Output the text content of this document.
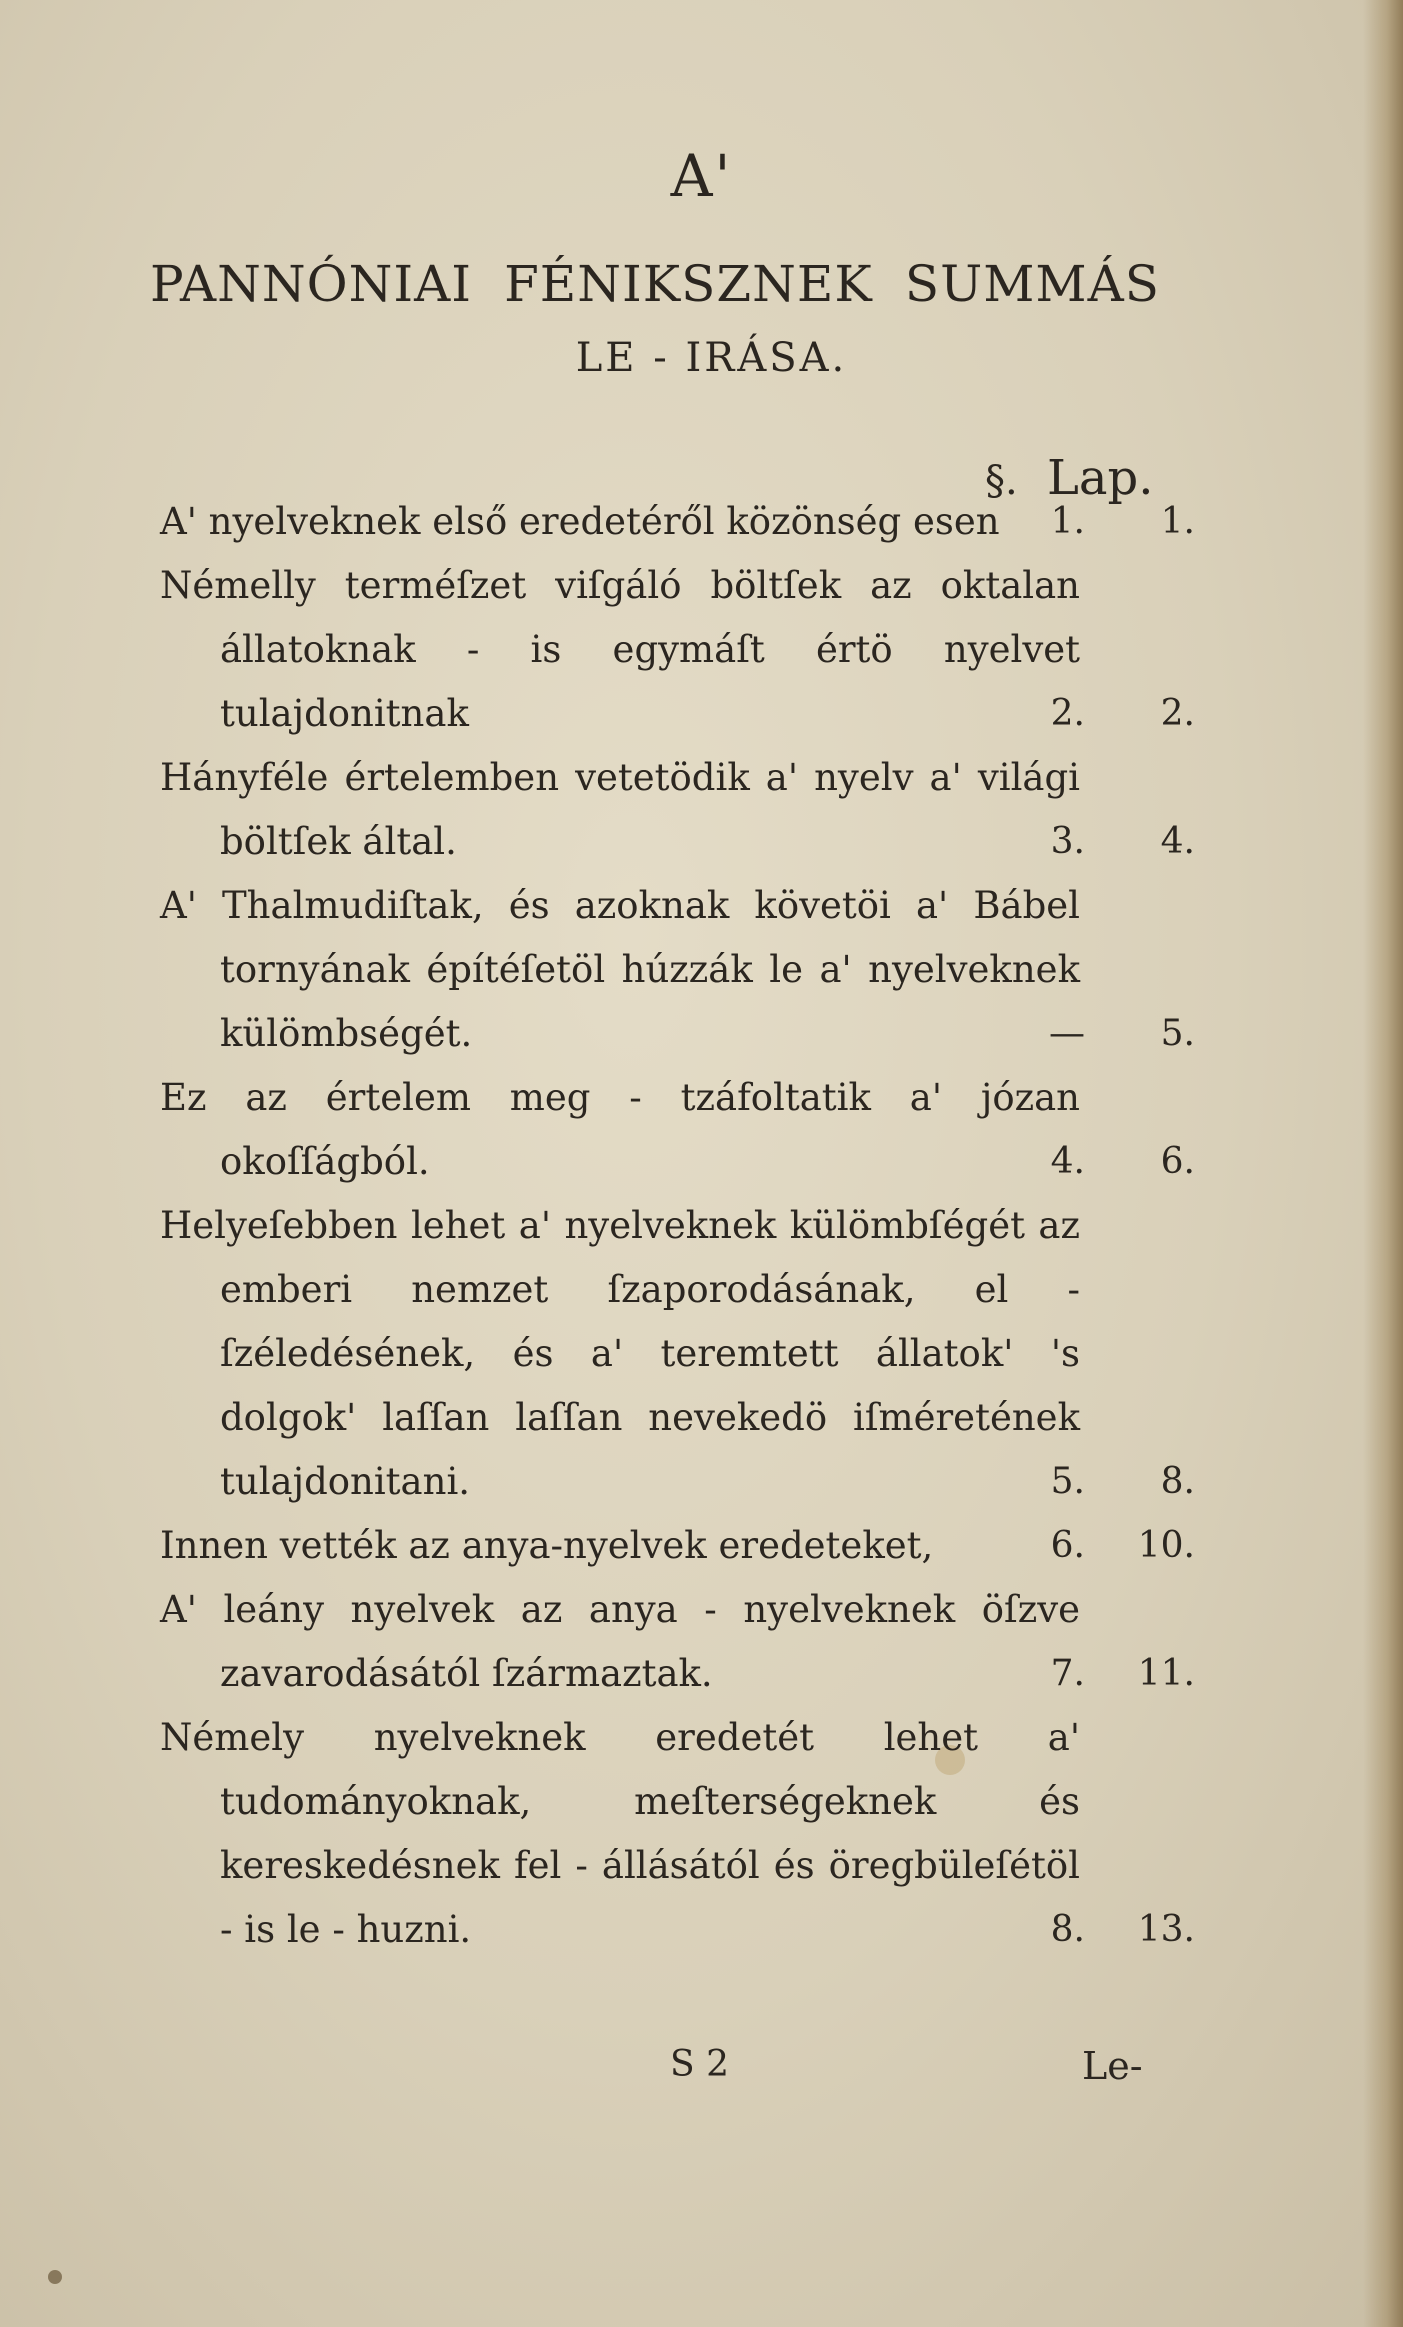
A'
PANNÓNIAI FÉNIKSZNEK SUMMÁS
LE - IRÁSA.
§. Lap.
A' nyelveknek első eredetéről közönség esen	1.	1.
Némelly terméſzet viſgáló böltſek az oktalan állatoknak - is egymáſt értö nyelvet tulajdonitnak	2.	2.
Hányféle értelemben vetetödik a' nyelv a' világi böltſek által.	3.	4.
A' Thalmudiſtak, és azoknak követöi a' Bábel tornyának építéſetöl húzzák le a' nyelveknek külömbségét.	—	5.
Ez az értelem meg - tzáfoltatik a' józan okoſſágból.	4.	6.
Helyeſebben lehet a' nyelveknek külömbſégét az emberi nemzet ſzaporodásának, el - ſzéledésének, és a' teremtett állatok' 's dolgok' laſſan laſſan nevekedö iſméretének tulajdonitani.	5.	8.
Innen vették az anya-nyelvek eredeteket,	6. 10.
A' leány nyelvek az anya - nyelveknek öſzve zavarodásától ſzármaztak.	7. 11.
Némely nyelveknek eredetét lehet a' tudományoknak, meſterségeknek és kereskedésnek fel - állásától és öregbüleſétöl - is le - huzni.	8. 13.
S 2	Le-
